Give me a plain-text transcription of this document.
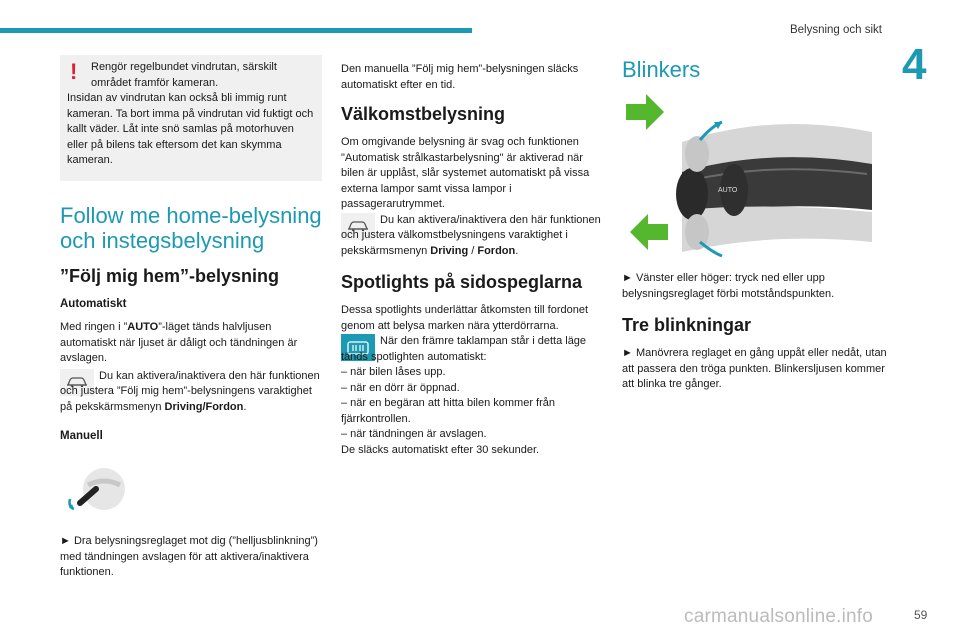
Belysning och sikt
4
!	Rengör regelbundet vindrutan, särskilt

området framför kameran.

Insidan av vindrutan kan också bli immig runt kameran. Ta bort imma på vindrutan vid fuktigt och kallt väder. Låt inte snö samlas på motorhuven eller på bilens tak eftersom det kan skymma kameran.

Follow me home-belysning och instegsbelysning
”Följ mig hem”-belysning
Automatiskt

Med ringen i ”AUTO”-läget tänds halvljusen automatiskt när ljuset är dåligt och tändningen är avslagen.

Du kan aktivera/inaktivera den här funktionen och justera ”Följ mig hem”-belysningens varaktighet på pekskärmsmenyn Driving/Fordon.

Manuell

► Dra belysningsreglaget mot dig (”helljusblinkning”) med tändningen avslagen för att aktivera/inaktivera funktionen.

Den manuella ”Följ mig hem”-belysningen släcks automatiskt efter en tid.

Välkomstbelysning

Om omgivande belysning är svag och funktionen "Automatisk strålkastarbelysning" är aktiverad när bilen är upplåst, slår systemet automatiskt på vissa externa lampor samt vissa lampor i passagerarutrymmet.

Du kan aktivera/inaktivera den här funktionen och justera välkomstbelysningens varaktighet i pekskärmsmenyn Driving / Fordon.

Spotlights på sidospeglarna

Dessa spotlights underlättar åtkomsten till fordonet genom att belysa marken nära ytterdörrarna.

När den främre taklampan står i detta läge tänds spotlighten automatiskt:

– när bilen låses upp.

– när en dörr är öppnad.

– när en begäran att hitta bilen kommer från fjärrkontrollen.

– när tändningen är avslagen.

De släcks automatiskt efter 30 sekunder.

Blinkers
AUTO

► Vänster eller höger: tryck ned eller upp belysningsreglaget förbi motståndspunkten.

Tre blinkningar

► Manövrera reglaget en gång uppåt eller nedåt, utan att passera den tröga punkten. Blinkersljusen kommer att blinka tre gånger.

carmanualsonline.info	59
